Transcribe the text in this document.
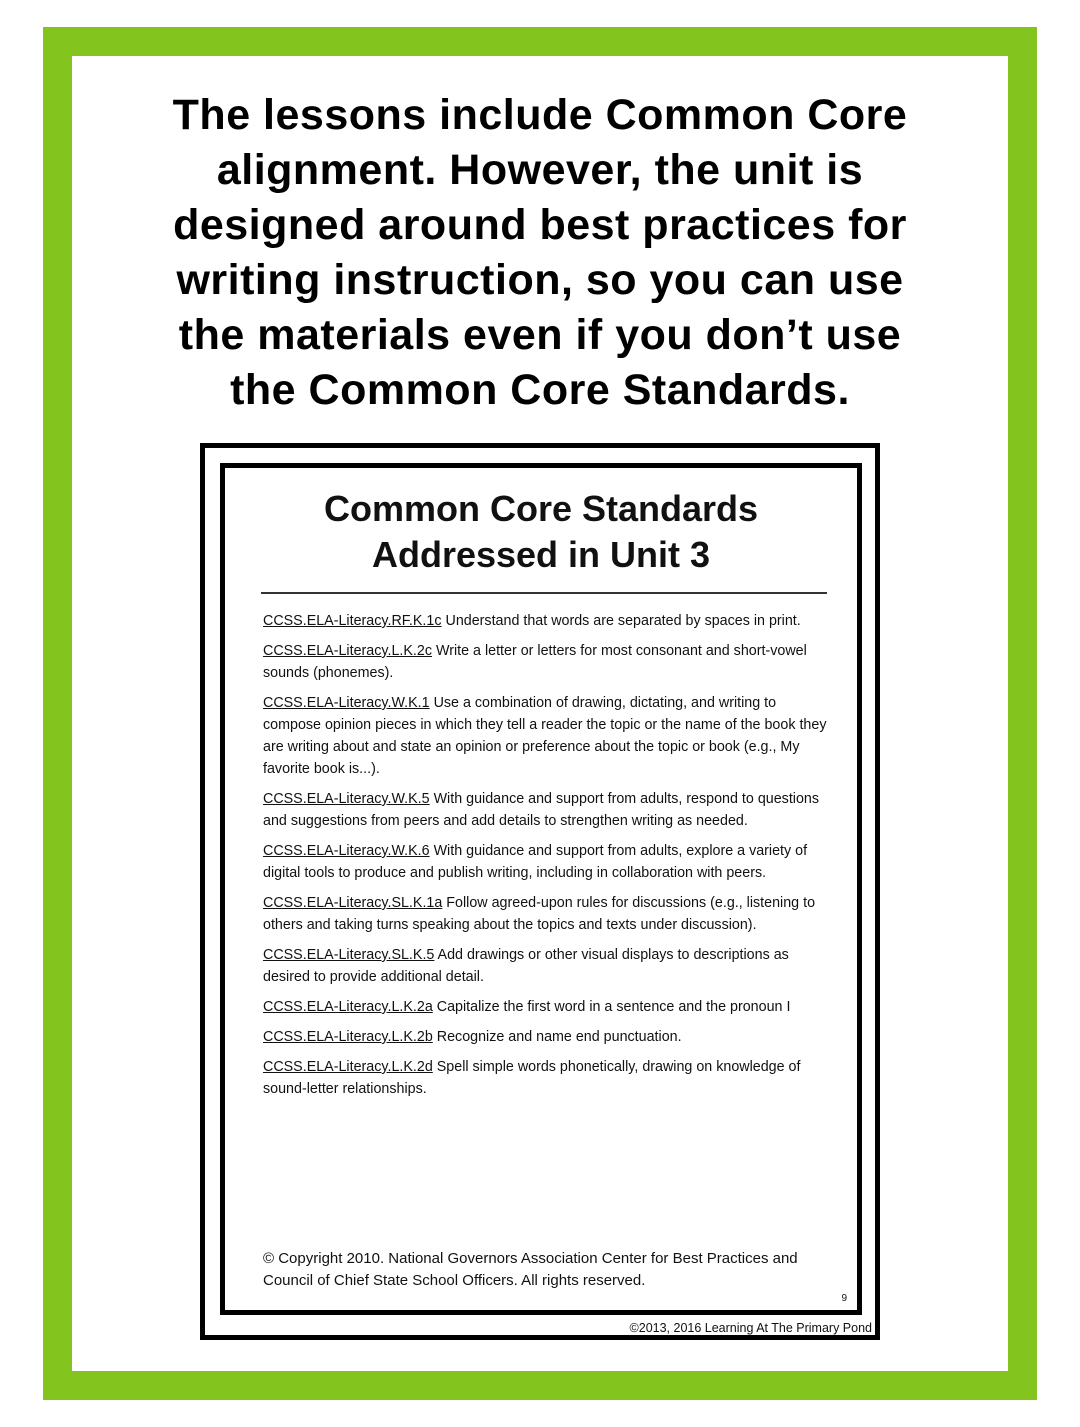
The lessons include Common Core
alignment. However, the unit is
designed around best practices for
writing instruction, so you can use
the materials even if you don’t use
the Common Core Standards.
©2013, 2016 Learning At The Primary Pond
Common Core Standards
Addressed in Unit 3
CCSS.ELA-Literacy.RF.K.1c Understand that words are separated by spaces in print.
CCSS.ELA-Literacy.L.K.2c Write a letter or letters for most consonant and short-vowel sounds (phonemes).
CCSS.ELA-Literacy.W.K.1 Use a combination of drawing, dictating, and writing to compose opinion pieces in which they tell a reader the topic or the name of the book they are writing about and state an opinion or preference about the topic or book (e.g., My favorite book is...).
CCSS.ELA-Literacy.W.K.5 With guidance and support from adults, respond to questions and suggestions from peers and add details to strengthen writing as needed.
CCSS.ELA-Literacy.W.K.6 With guidance and support from adults, explore a variety of digital tools to produce and publish writing, including in collaboration with peers.
CCSS.ELA-Literacy.SL.K.1a Follow agreed-upon rules for discussions (e.g., listening to others and taking turns speaking about the topics and texts under discussion).
CCSS.ELA-Literacy.SL.K.5 Add drawings or other visual displays to descriptions as desired to provide additional detail.
CCSS.ELA-Literacy.L.K.2a Capitalize the first word in a sentence and the pronoun I
CCSS.ELA-Literacy.L.K.2b Recognize and name end punctuation.
CCSS.ELA-Literacy.L.K.2d Spell simple words phonetically, drawing on knowledge of sound-letter relationships.
© Copyright 2010. National Governors Association Center for Best Practices and Council of Chief State School Officers. All rights reserved.
9
